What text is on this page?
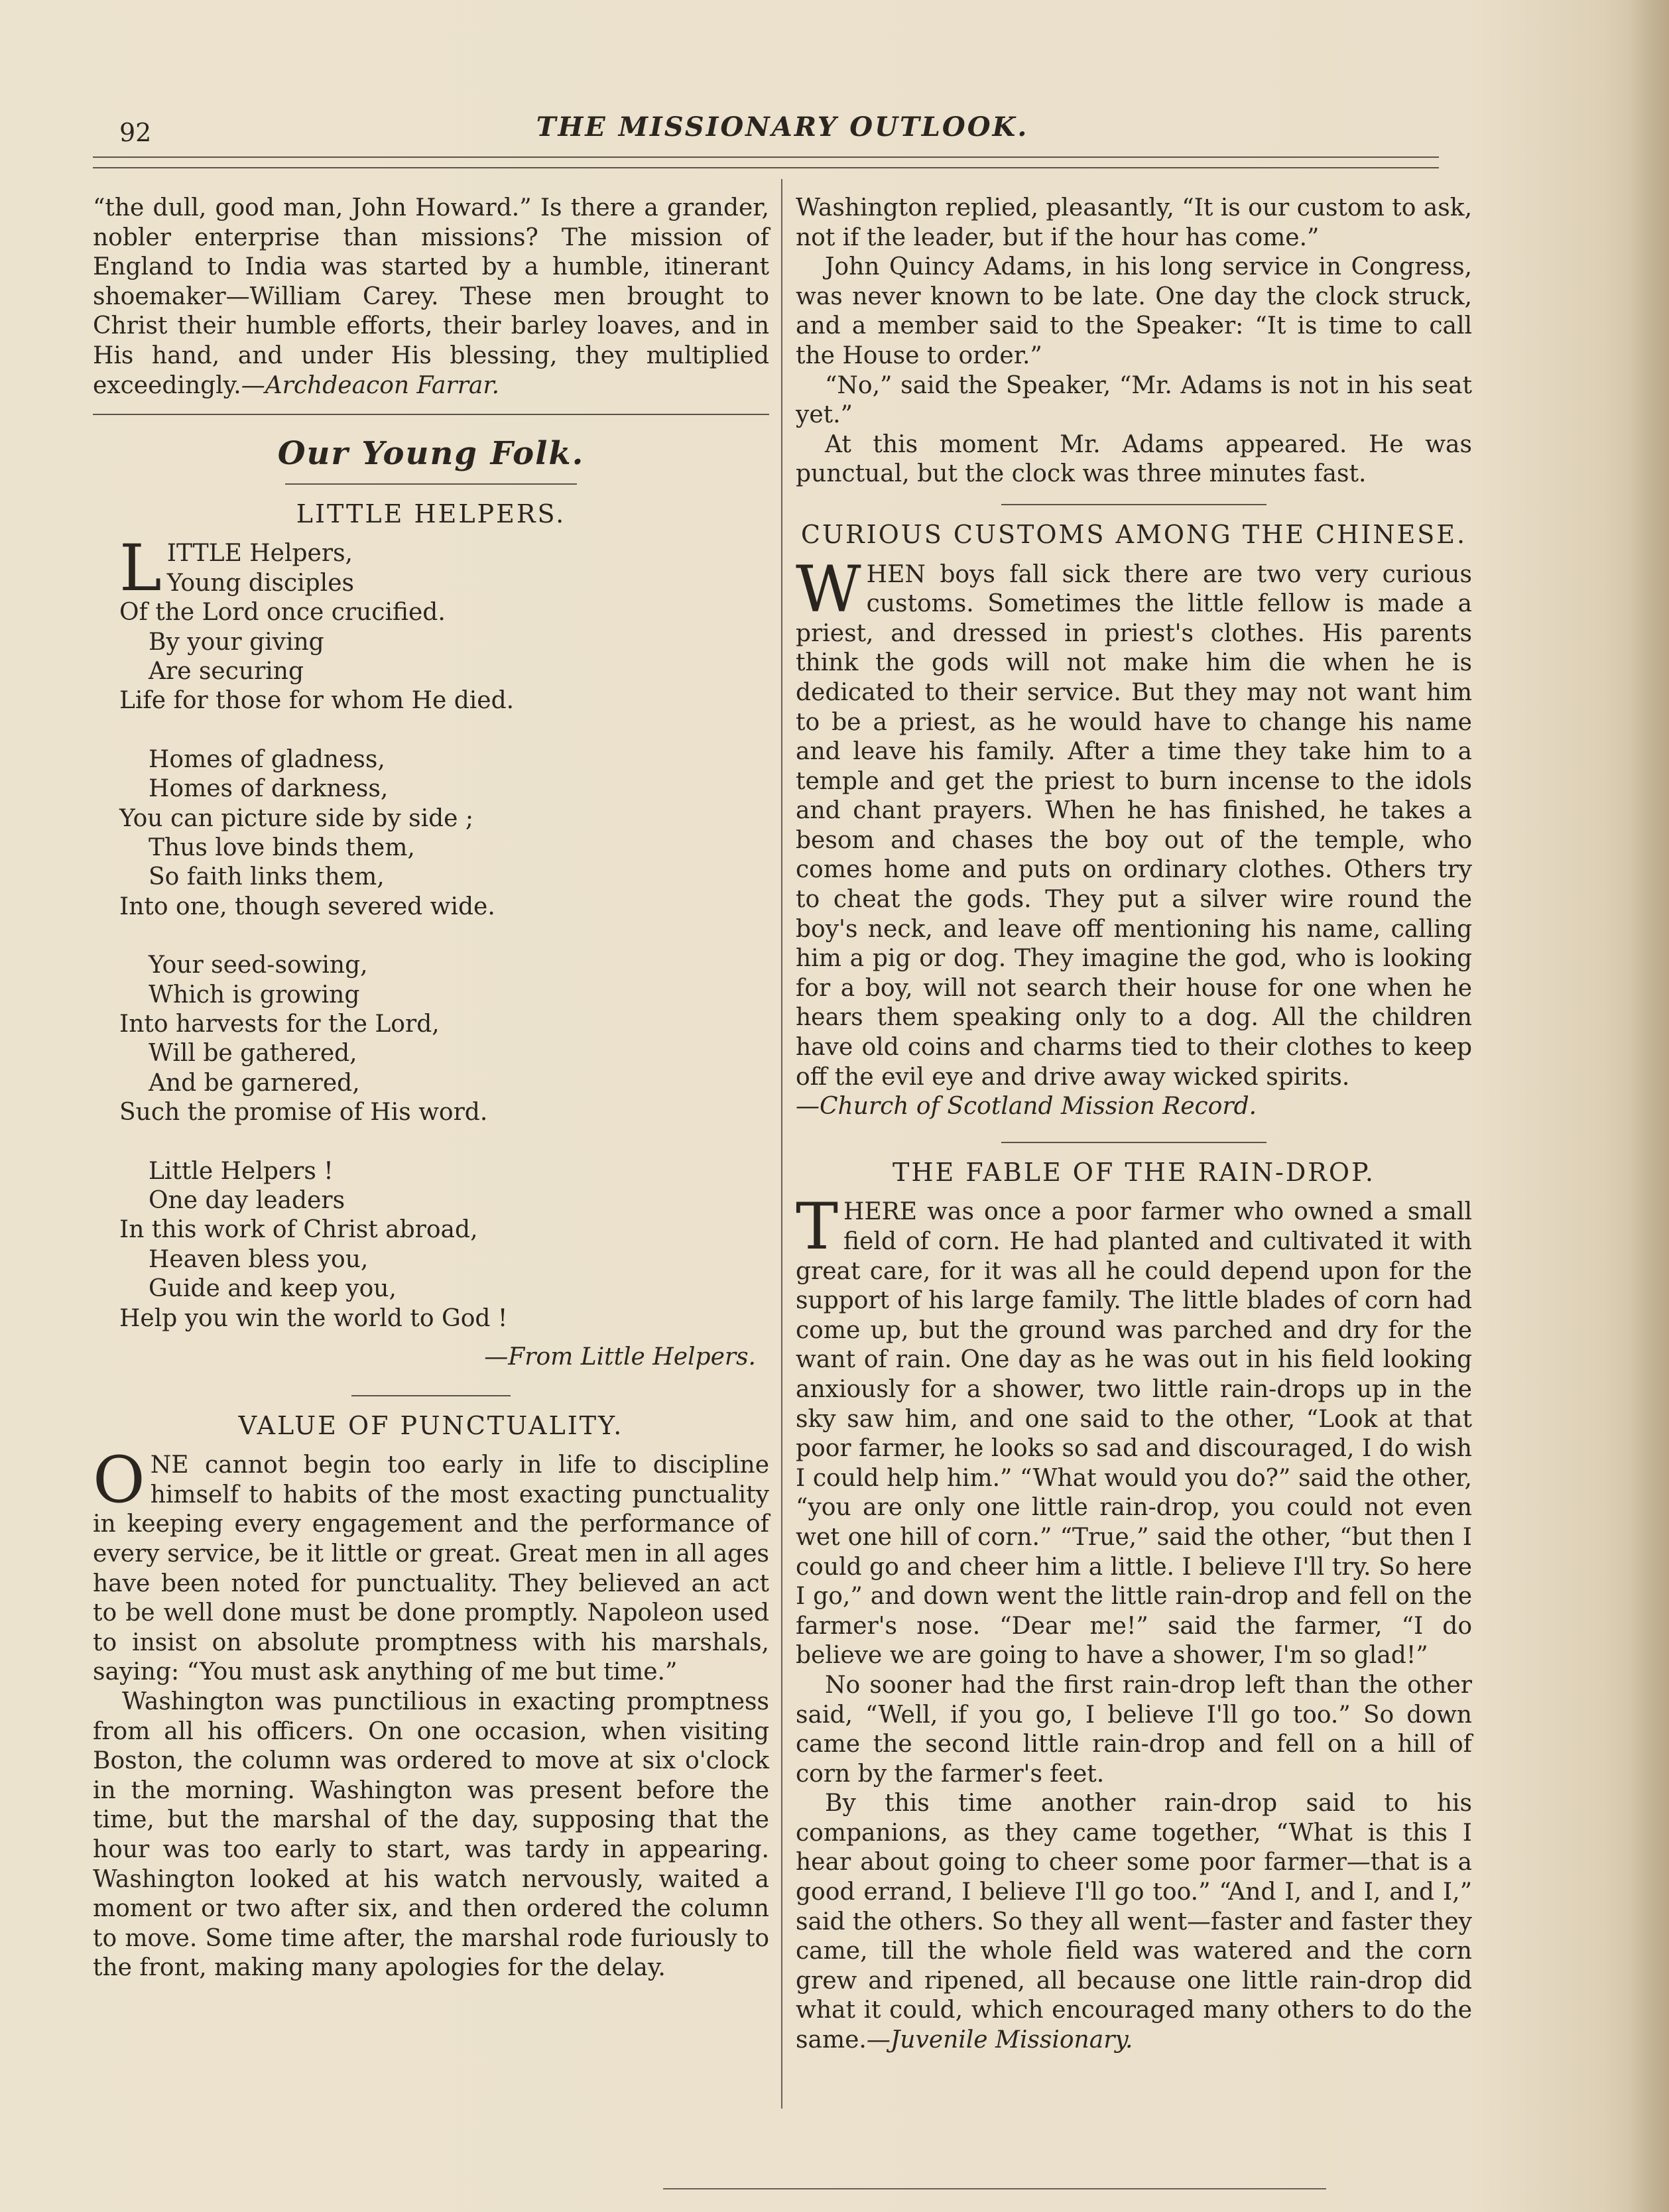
92	THE MISSIONARY OUTLOOK.

“the dull, good man, John Howard.” Is there a grander, nobler enterprise than missions? The mission of England to India was started by a humble, itinerant shoemaker—William Carey. These men brought to Christ their humble efforts, their barley loaves, and in His hand, and under His blessing, they multiplied exceedingly.—Archdeacon Farrar.

Our Young Folk.
LITTLE HELPERS.
L ITTLE Helpers,
Young disciples
Of the Lord once crucified.
By your giving
Are securing
Life for those for whom He died.
Homes of gladness,
Homes of darkness,
You can picture side by side ;
Thus love binds them,
So faith links them,
Into one, though severed wide.
Your seed-sowing,
Which is growing
Into harvests for the Lord,
Will be gathered,
And be garnered,
Such the promise of His word.
Little Helpers !
One day leaders
In this work of Christ abroad,
Heaven bless you,
Guide and keep you,
Help you win the world to God !
—From Little Helpers.
VALUE OF PUNCTUALITY.

ONE cannot begin too early in life to discipline himself to habits of the most exacting punctuality in keeping every engagement and the performance of every service, be it little or great. Great men in all ages have been noted for punctuality. They believed an act to be well done must be done promptly. Napoleon used to insist on absolute promptness with his marshals, saying: “You must ask anything of me but time.”

Washington was punctilious in exacting promptness from all his officers. On one occasion, when visiting Boston, the column was ordered to move at six o'clock in the morning. Washington was present before the time, but the marshal of the day, supposing that the hour was too early to start, was tardy in appearing. Washington looked at his watch nervously, waited a moment or two after six, and then ordered the column to move. Some time after, the marshal rode furiously to the front, making many apologies for the delay.

Washington replied, pleasantly, “It is our custom to ask, not if the leader, but if the hour has come.”

John Quincy Adams, in his long service in Congress, was never known to be late. One day the clock struck, and a member said to the Speaker: “It is time to call the House to order.”

“No,” said the Speaker, “Mr. Adams is not in his seat yet.”

At this moment Mr. Adams appeared. He was punctual, but the clock was three minutes fast.

CURIOUS CUSTOMS AMONG THE CHINESE.

WHEN boys fall sick there are two very curious customs. Sometimes the little fellow is made a priest, and dressed in priest's clothes. His parents think the gods will not make him die when he is dedicated to their service. But they may not want him to be a priest, as he would have to change his name and leave his family. After a time they take him to a temple and get the priest to burn incense to the idols and chant prayers. When he has finished, he takes a besom and chases the boy out of the temple, who comes home and puts on ordinary clothes. Others try to cheat the gods. They put a silver wire round the boy's neck, and leave off mentioning his name, calling him a pig or dog. They imagine the god, who is looking for a boy, will not search their house for one when he hears them speaking only to a dog. All the children have old coins and charms tied to their clothes to keep off the evil eye and drive away wicked spirits.

—Church of Scotland Mission Record.

THE FABLE OF THE RAIN-DROP.

THERE was once a poor farmer who owned a small field of corn. He had planted and cultivated it with great care, for it was all he could depend upon for the support of his large family. The little blades of corn had come up, but the ground was parched and dry for the want of rain. One day as he was out in his field looking anxiously for a shower, two little rain-drops up in the sky saw him, and one said to the other, “Look at that poor farmer, he looks so sad and discouraged, I do wish I could help him.” “What would you do?” said the other, “you are only one little rain-drop, you could not even wet one hill of corn.” “True,” said the other, “but then I could go and cheer him a little. I believe I'll try. So here I go,” and down went the little rain-drop and fell on the farmer's nose. “Dear me!” said the farmer, “I do believe we are going to have a shower, I'm so glad!”

No sooner had the first rain-drop left than the other said, “Well, if you go, I believe I'll go too.” So down came the second little rain-drop and fell on a hill of corn by the farmer's feet.

By this time another rain-drop said to his companions, as they came together, “What is this I hear about going to cheer some poor farmer—that is a good errand, I believe I'll go too.” “And I, and I, and I,” said the others. So they all went—faster and faster they came, till the whole field was watered and the corn grew and ripened, all because one little rain-drop did what it could, which encouraged many others to do the same.—Juvenile Missionary.
